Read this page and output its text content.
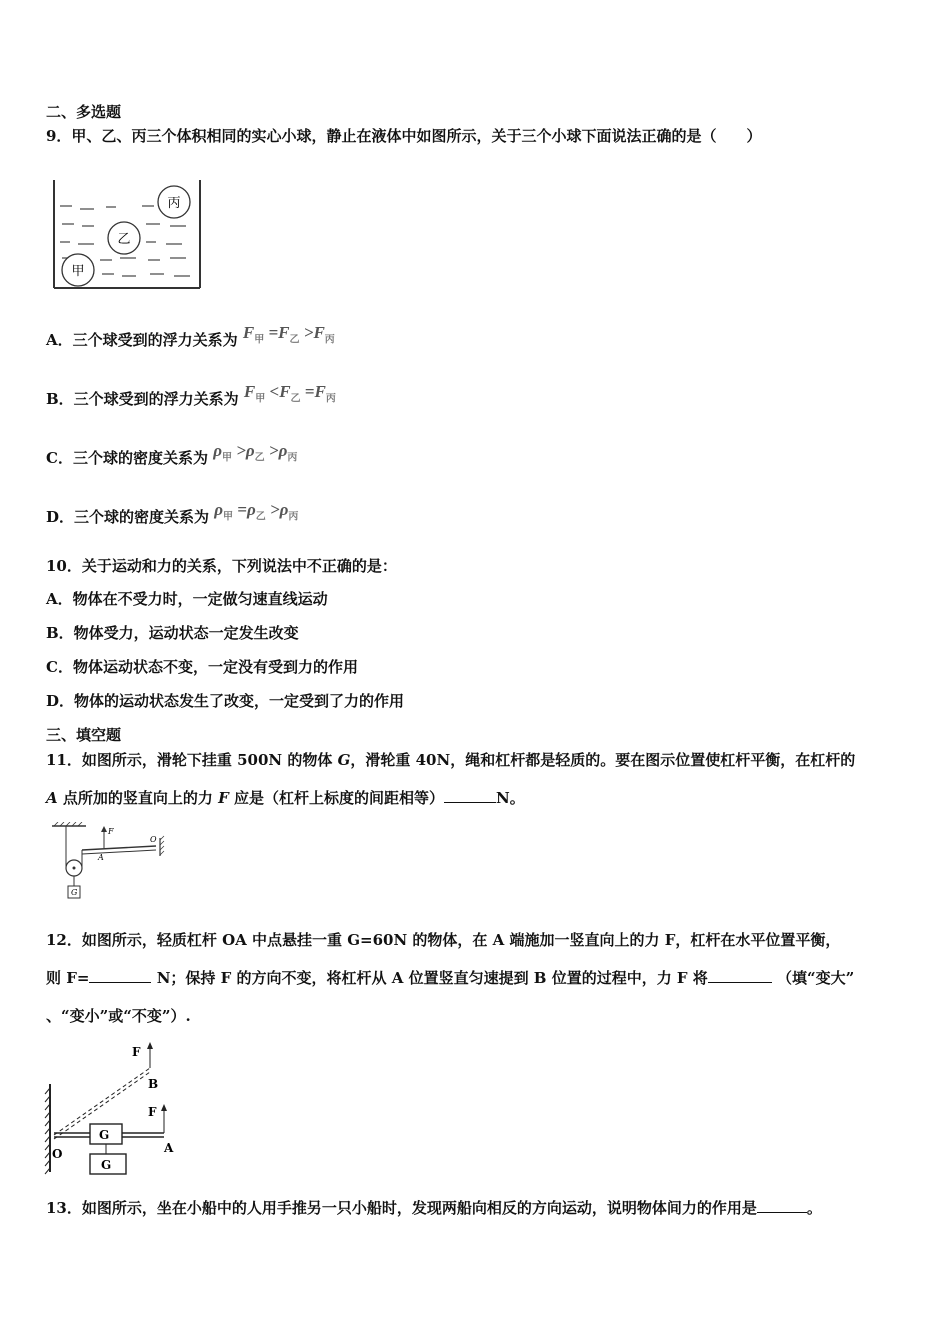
二、多选题
9．甲、乙、丙三个体积相同的实心小球，静止在液体中如图所示，关于三个小球下面说法正确的是（　　）
丙
乙
甲
A．三个球受到的浮力关系为 $F_甲 =F_乙 >F_丙$
B．三个球受到的浮力关系为 $F_甲 <F_乙 =F_丙$
C．三个球的密度关系为 $\rho_甲 >\rho_乙 >\rho_丙$
D．三个球的密度关系为 $\rho_甲 =\rho_乙 >\rho_丙$
10．关于运动和力的关系，下列说法中不正确的是：
A．物体在不受力时，一定做匀速直线运动
B．物体受力，运动状态一定发生改变
C．物体运动状态不变，一定没有受到力的作用
D．物体的运动状态发生了改变，一定受到了力的作用
三、填空题
11．如图所示，滑轮下挂重 500N 的物体 G，滑轮重 40N，绳和杠杆都是轻质的。要在图示位置使杠杆平衡，在杠杆的
A 点所加的竖直向上的力 F 应是（杠杆上标度的间距相等）	N。
F
A
O
G
12．如图所示，轻质杠杆 OA 中点悬挂一重 G=60N 的物体，在 A 端施加一竖直向上的力 F，杠杆在水平位置平衡，
则 F=	N；保持 F 的方向不变，将杠杆从 A 位置竖直匀速提到 B 位置的过程中，力 F 将	（填“变大”
、“变小”或“不变”）.
F
B
F
G
G
O	A
13．如图所示，坐在小船中的人用手推另一只小船时，发现两船向相反的方向运动，说明物体间力的作用是	。
